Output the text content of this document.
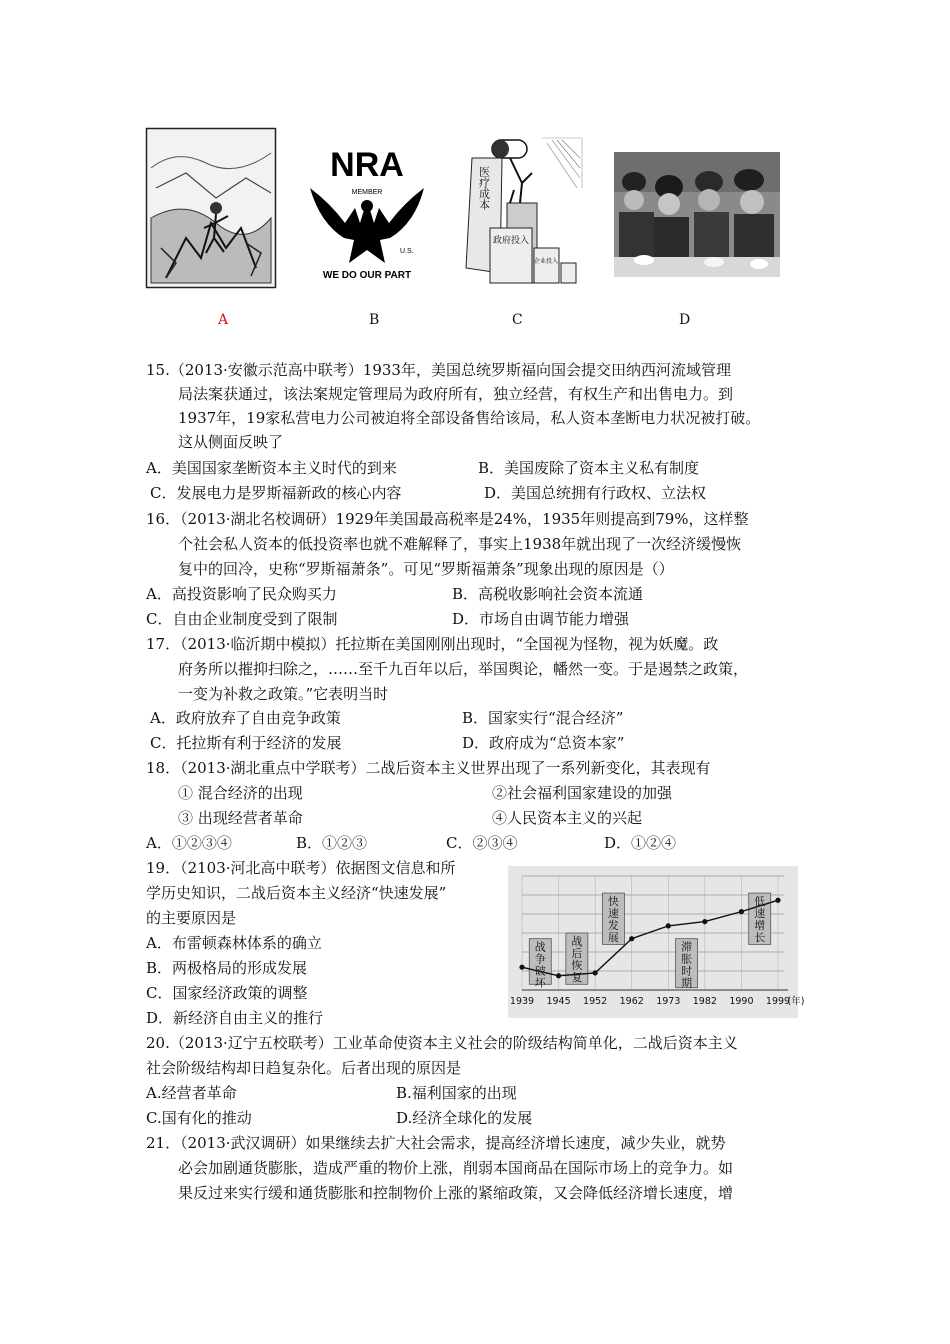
NRA
MEMBER
U.S.
WE DO OUR PART
医疗成本
政府投入
企业投入
A	B	C	D
15.（2013·安徽示范高中联考）1933年，美国总统罗斯福向国会提交田纳西河流域管理
局法案获通过，该法案规定管理局为政府所有，独立经营，有权生产和出售电力。到
1937年，19家私营电力公司被迫将全部设备售给该局，私人资本垄断电力状况被打破。
这从侧面反映了
A．美国国家垄断资本主义时代的到来	B．美国废除了资本主义私有制度
C．发展电力是罗斯福新政的核心内容	D．美国总统拥有行政权、立法权
16．（2013·湖北名校调研）1929年美国最高税率是24%，1935年则提高到79%，这样整
个社会私人资本的低投资率也就不难解释了，事实上1938年就出现了一次经济缓慢恢
复中的回冷，史称“罗斯福萧条”。可见“罗斯福萧条”现象出现的原因是（）
A．高投资影响了民众购买力	B．高税收影响社会资本流通
C．自由企业制度受到了限制	D．市场自由调节能力增强
17．（2013·临沂期中模拟）托拉斯在美国刚刚出现时，“全国视为怪物，视为妖魔。政
府务所以摧抑扫除之，……至千九百年以后，举国舆论，幡然一变。于是遏禁之政策，
一变为补救之政策。”它表明当时
A．政府放弃了自由竞争政策	B．国家实行“混合经济”
C．托拉斯有利于经济的发展	D．政府成为“总资本家”
18．（2013·湖北重点中学联考）二战后资本主义世界出现了一系列新变化，其表现有
① 混合经济的出现	②社会福利国家建设的加强
③ 出现经营者革命	④人民资本主义的兴起
A．①②③④	B．①②③	C．②③④	D．①②④
19．（2103·河北高中联考）依据图文信息和所
学历史知识，二战后资本主义经济“快速发展”
的主要原因是
A．布雷顿森林体系的确立
B．两极格局的形成发展
C．国家经济政策的调整
D．新经济自由主义的推行
战争破坏
战后恢复
快速发展
滞胀时期
低速增长
1939 1945 1952 1962 1973 1982 1990 1999
(年)
20.（2013·辽宁五校联考）工业革命使资本主义社会的阶级结构简单化，二战后资本主义
社会阶级结构却日趋复杂化。后者出现的原因是
A.经营者革命	B.福利国家的出现
C.国有化的推动	D.经济全球化的发展
21．（2013·武汉调研）如果继续去扩大社会需求，提高经济增长速度，减少失业，就势
必会加剧通货膨胀，造成严重的物价上涨，削弱本国商品在国际市场上的竞争力。如
果反过来实行缓和通货膨胀和控制物价上涨的紧缩政策，又会降低经济增长速度，增
